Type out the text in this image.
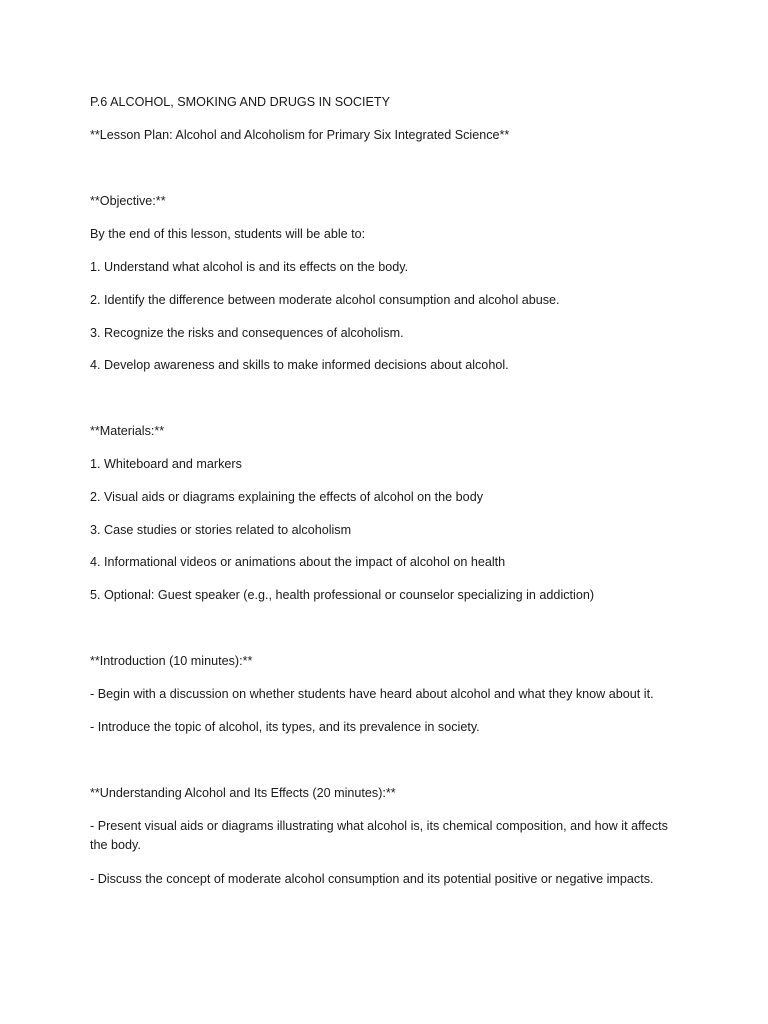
P.6 ALCOHOL, SMOKING AND DRUGS IN SOCIETY

**Lesson Plan: Alcohol and Alcoholism for Primary Six Integrated Science**

**Objective:**

By the end of this lesson, students will be able to:

1. Understand what alcohol is and its effects on the body.

2. Identify the difference between moderate alcohol consumption and alcohol abuse.

3. Recognize the risks and consequences of alcoholism.

4. Develop awareness and skills to make informed decisions about alcohol.

**Materials:**

1. Whiteboard and markers

2. Visual aids or diagrams explaining the effects of alcohol on the body

3. Case studies or stories related to alcoholism

4. Informational videos or animations about the impact of alcohol on health

5. Optional: Guest speaker (e.g., health professional or counselor specializing in addiction)

**Introduction (10 minutes):**

- Begin with a discussion on whether students have heard about alcohol and what they know about it.

- Introduce the topic of alcohol, its types, and its prevalence in society.

**Understanding Alcohol and Its Effects (20 minutes):**

- Present visual aids or diagrams illustrating what alcohol is, its chemical composition, and how it affects the body.

- Discuss the concept of moderate alcohol consumption and its potential positive or negative impacts.
